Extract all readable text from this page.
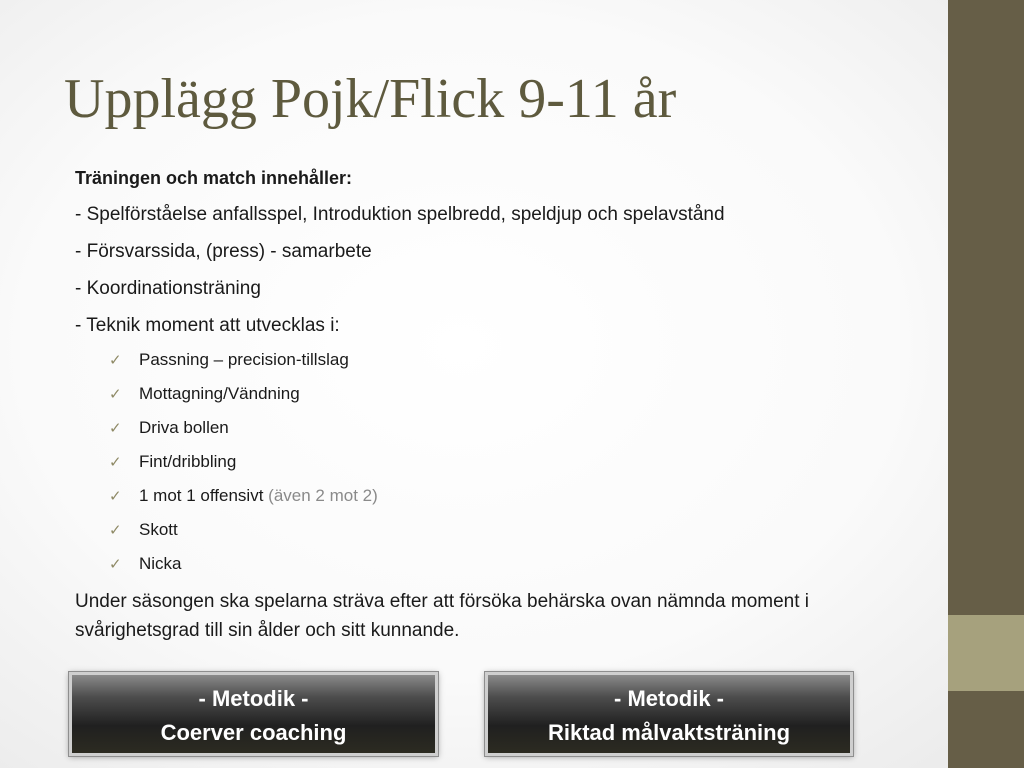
Upplägg Pojk/Flick 9-11 år
Träningen och match innehåller:
- Spelförståelse anfallsspel, Introduktion spelbredd, speldjup och spelavstånd
- Försvarssida, (press) - samarbete
- Koordinationsträning
- Teknik moment att utvecklas i:
✓ Passning – precision-tillslag
✓ Mottagning/Vändning
✓ Driva bollen
✓ Fint/dribbling
✓ 1 mot 1 offensivt (även 2 mot 2)
✓ Skott
✓ Nicka
Under säsongen ska spelarna sträva efter att försöka behärska ovan nämnda moment i svårighetsgrad till sin ålder och sitt kunnande.
- Metodik -
Coerver coaching
- Metodik -
Riktad målvaktsträning
